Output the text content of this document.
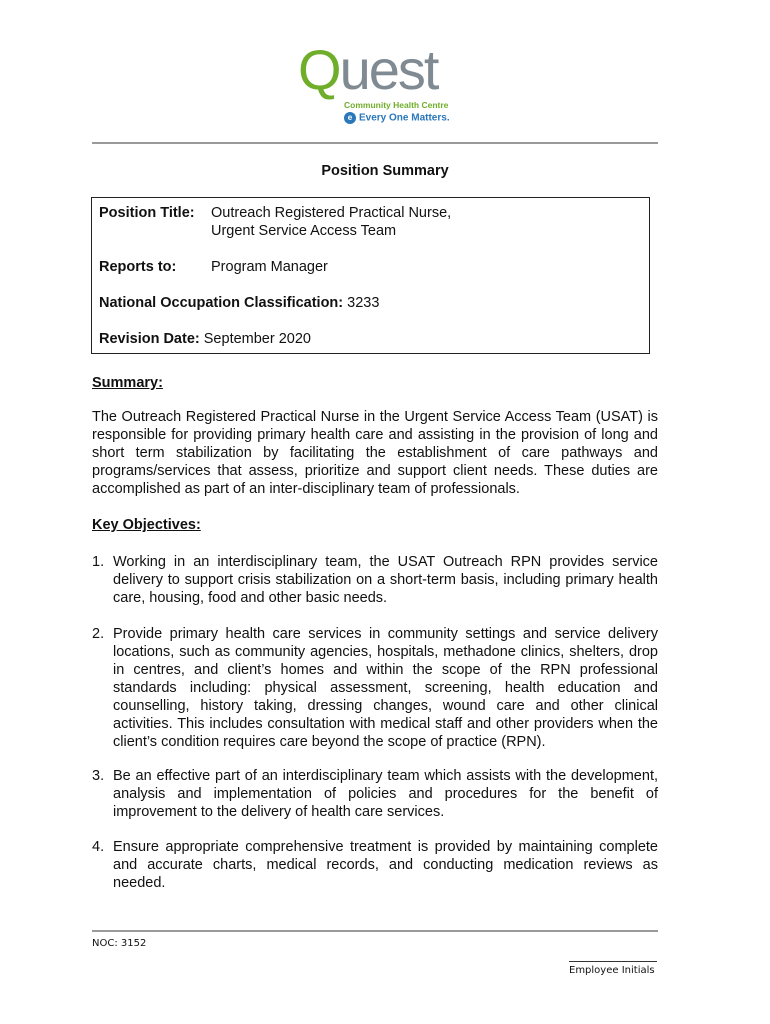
Quest
Community Health Centre
e Every One Matters.
Position Summary
Position Title: Outreach Registered Practical Nurse,
Urgent Service Access Team
Reports to: Program Manager
National Occupation Classification: 3233
Revision Date: September 2020
Summary:
The Outreach Registered Practical Nurse in the Urgent Service Access Team (USAT) is responsible for providing primary health care and assisting in the provision of long and short term stabilization by facilitating the establishment of care pathways and programs/services that assess, prioritize and support client needs. These duties are accomplished as part of an inter-disciplinary team of professionals.
Key Objectives:
1. Working in an interdisciplinary team, the USAT Outreach RPN provides service delivery to support crisis stabilization on a short-term basis, including primary health care, housing, food and other basic needs.
2. Provide primary health care services in community settings and service delivery locations, such as community agencies, hospitals, methadone clinics, shelters, drop in centres, and client’s homes and within the scope of the RPN professional standards including: physical assessment, screening, health education and counselling, history taking, dressing changes, wound care and other clinical activities. This includes consultation with medical staff and other providers when the client’s condition requires care beyond the scope of practice (RPN).
3. Be an effective part of an interdisciplinary team which assists with the development, analysis and implementation of policies and procedures for the benefit of improvement to the delivery of health care services.
4. Ensure appropriate comprehensive treatment is provided by maintaining complete and accurate charts, medical records, and conducting medication reviews as needed.
NOC: 3152
Employee Initials
